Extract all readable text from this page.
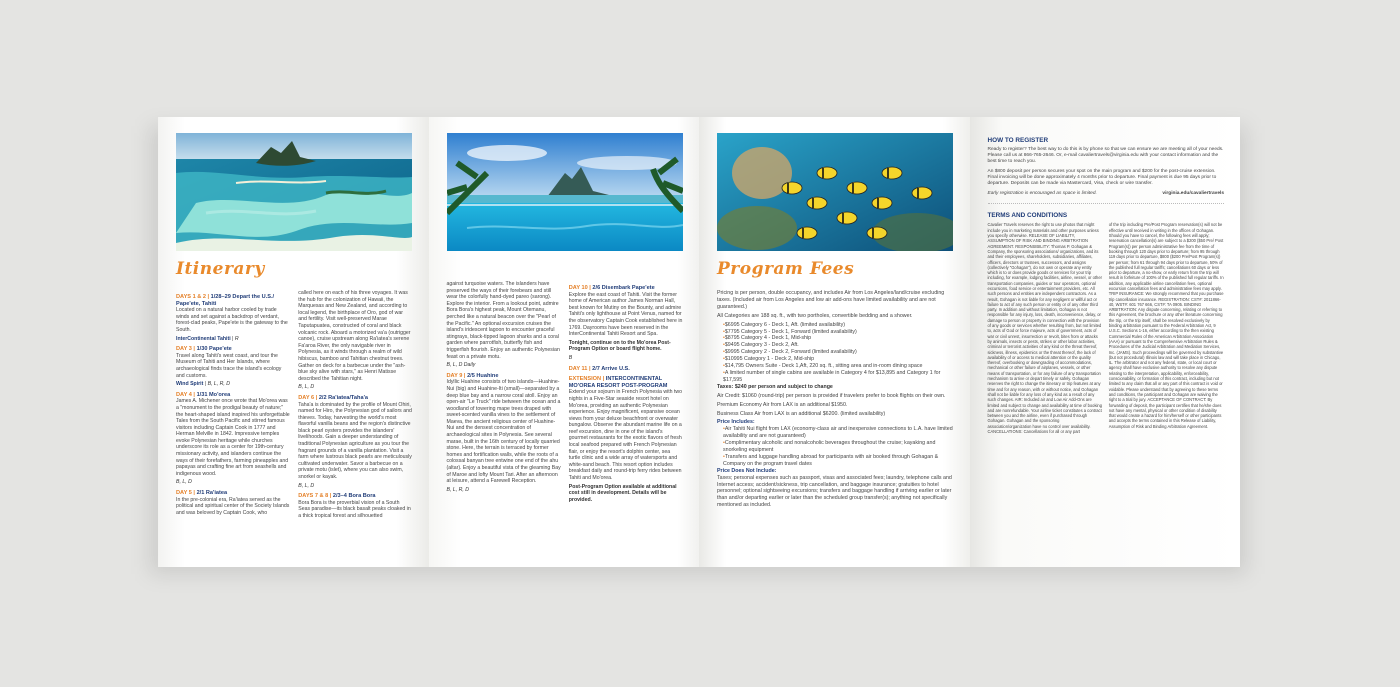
Itinerary
DAYS 1 & 2 | 1/28–29 Depart the U.S./ Pape'ete, Tahiti
Located on a natural harbor cooled by trade winds and set against a backdrop of verdant, forest-clad peaks, Pape'ete is the gateway to the South.
InterContinental Tahiti | R
DAY 3 | 1/30 Pape'ete
Travel along Tahiti's west coast, and tour the Museum of Tahiti and Her Islands, where archaeological finds trace the island's ecology and customs.
Wind Spirit | B, L, R, D
DAY 4 | 1/31 Mo'orea
James A. Michener once wrote that Mo'orea was a "monument to the prodigal beauty of nature;" the heart-shaped island inspired his unforgettable Tales from the South Pacific and stirred famous visitors including Captain Cook in 1777 and Herman Melville in 1842. Impressive temples evoke Polynesian heritage while churches underscore its role as a center for 19th-century missionary activity, and islanders continue the ways of their forefathers, farming pineapples and papayas and crafting fine art from seashells and indigenous wood.
B, L, D
DAY 5 | 2/1 Ra'iatea
In the pre-colonial era, Ra'iatea served as the political and spiritual center of the Society Islands and was beloved by Captain Cook, who
called here on each of his three voyages. It was the hub for the colonization of Hawaii, the Marquesas and New Zealand, and according to local legend, the birthplace of Oro, god of war and fertility. Visit well-preserved Marae Taputapuatea, constructed of coral and black volcanic rock. Aboard a motorized va'a (outrigger canoe), cruise upstream along Ra'iatea's serene Fa'aroa River, the only navigable river in Polynesia, as it winds through a realm of wild hibiscus, bamboo and Tahitian chestnut trees. Gather on deck for a barbecue under the "ash-blue sky alive with stars," as Henri Matisse described the Tahitian night.
B, L, D
DAY 6 | 2/2 Ra'iatea/Taha'a
Taha'a is dominated by the profile of Mount Ohiri, named for Hiro, the Polynesian god of sailors and thieves. Today, harvesting the world's most flavorful vanilla beans and the region's distinctive black pearl oysters provides the islanders' livelihoods. Gain a deeper understanding of traditional Polynesian agriculture as you tour the fragrant grounds of a vanilla plantation. Visit a farm where lustrous black pearls are meticulously cultivated underwater. Savor a barbecue on a private motu (islet), where you can also swim, snorkel or kayak.
B, L, D
DAYS 7 & 8 | 2/3–4 Bora Bora
Bora Bora is the proverbial vision of a South Seas paradise—its black basalt peaks cloaked in a thick tropical forest and silhouetted
against turquoise waters. The islanders have preserved the ways of their forebears and still wear the colorfully hand-dyed pareo (sarong). Explore the interior. From a lookout point, admire Bora Bora's highest peak, Mount Otemanu, perched like a natural beacon over the "Pearl of the Pacific." An optional excursion cruises the island's iridescent lagoon to encounter graceful stingrays, black-tipped lagoon sharks and a coral garden where parrotfish, butterfly fish and triggerfish flourish. Enjoy an authentic Polynesian feast on a private motu.
B, L, D Daily
DAY 9 | 2/5 Huahine
Idyllic Huahine consists of two islands—Huahine-Nui (big) and Huahine-Iti (small)—separated by a deep blue bay and a narrow coral atoll. Enjoy an open-air "Le Truck" ride between the ocean and a woodland of towering mape trees draped with sweet-scented vanilla vines to the settlement of Maeva, the ancient religious center of Huahine-Nui and the densest concentration of archaeological sites in Polynesia. See several marae, built in the 16th century of locally quarried stone. Here, the terrain is terraced by former homes and fortification walls, while the roots of a colossal banyan tree entwine one end of the ahu (altar). Enjoy a beautiful vista of the gleaming Bay of Maroe and lofty Mount Tari. After an afternoon at leisure, attend a Farewell Reception.
B, L, R, D
DAY 10 | 2/6 Disembark Pape'ete
Explore the east coast of Tahiti. Visit the former home of American author James Norman Hall, best known for Mutiny on the Bounty, and admire Tahiti's only lighthouse at Point Venus, named for the observatory Captain Cook established here in 1769. Dayrooms have been reserved in the InterContinental Tahiti Resort and Spa.
Tonight, continue on to the Mo'orea Post-Program Option or board flight home.
B
DAY 11 | 2/7 Arrive U.S.
EXTENSION | INTERCONTINENTAL MO'OREA RESORT POST-PROGRAM
Extend your sojourn in French Polynesia with two nights in a Five-Star seaside resort hotel on Mo'orea, providing an authentic Polynesian experience. Enjoy magnificent, expansive ocean views from your deluxe beachfront or overwater bungalow. Observe the abundant marine life on a reef excursion, dine in one of the island's gourmet restaurants for the exotic flavors of fresh local seafood prepared with French Polynesian flair, or enjoy the resort's dolphin center, sea turtle clinic and a wide array of watersports and white-sand beach. This resort option includes breakfast daily and round-trip ferry rides between Tahiti and Mo'orea.
Post-Program Option available at additional cost still in development. Details will be provided.
Program Fees
Pricing is per person, double occupancy, and includes Air from Los Angeles/land/cruise excluding taxes. (Included air from Los Angeles and low air add-ons have limited availability and are not guaranteed.)
All Categories are 188 sq. ft., with two portholes, convertible bedding and a shower.
• $6995 Category 6 - Deck 1, Aft. (limited availability)
• $7795 Category 5 - Deck 1, Forward (limited availability)
• $8795 Category 4 - Deck 1, Mid-ship
• $9495 Category 3 - Deck 2, Aft.
• $9995 Category 2 - Deck 2, Forward (limited availability)
• $10995 Category 1 - Deck 2, Mid-ship
• $14,795 Owners Suite - Deck 1,Aft, 220 sq. ft., sitting area and in-room dining space
• A limited number of single cabins are available in Category 4 for $13,895 and Category 1 for $17,595
Taxes: $240 per person and subject to change
Air Credit: $1060 (round-trip) per person is provided if travelers prefer to book flights on their own.
Premium Economy Air from LAX is an additional $1950.
Business Class Air from LAX is an additional $6200. (limited availability)
Price Includes:
• Air Tahiti Nui flight from LAX (economy-class air and inexpensive connections to L.A. have limited availability and are not guaranteed)
• Complimentary alcoholic and nonalcoholic beverages throughout the cruise; kayaking and snorkeling equipment
• Transfers and luggage handling abroad for participants with air booked through Gohagan & Company on the program travel dates
Price Does Not Include:
Taxes; personal expenses such as passport, visas and associated fees; laundry, telephone calls and Internet access; accident/sickness, trip cancellation, and baggage insurance; gratuities to hotel personnel; optional sightseeing excursions; transfers and baggage handling if arriving earlier or later than and/or departing earlier or later than the scheduled group transfer(s); anything not specifically mentioned as included.
HOW TO REGISTER
Ready to register? The best way to do this is by phone so that we can ensure we are meeting all of your needs. Please call us at 866-765-2646. Or, e-mail cavaliertravels@virginia.edu with your contact information and the best time to reach you.
An $800 deposit per person secures your spot on the main program and $200 for the post-cruise extension. Final invoicing will be done approximately 4 months prior to departure. Final payment is due 95 days prior to departure. Deposits can be made via Mastercard, Visa, check or wire transfer.
Early registration is encouraged as space is limited.	virginia.edu/cavaliertravels
TERMS AND CONDITIONS
Cavalier Travels reserves the right to use photos that might include you in marketing materials and other purposes unless you specify otherwise. RELEASE OF LIABILITY, ASSUMPTION OF RISK AND BINDING ARBITRATION AGREEMENT. RESPONSIBILITY: Thomas P. Gohagan & Company, the sponsoring associations/ organizations, and its and their employees, shareholders, subsidiaries, affiliates, officers, directors or trustees, successors, and assigns (collectively "Gohagan"), do not own or operate any entity which is to or does provide goods or services for your trip including, for example, lodging facilities, airline, vessel, or other transportation companies, guides or tour operators, optional excursions, food service or entertainment providers, etc. All such persons and entities are independent contractors. As a result, Gohagan is not liable for any negligent or willful act or failure to act of any such person or entity or of any other third party. In addition and without limitation, Gohagan is not responsible for any injury, loss, death, inconvenience, delay, or damage to person or property in connection with the provision of any goods or services whether resulting from, but not limited to, acts of God or force majeure, acts of government, acts of war or civil unrest, insurrection or revolt, bites from or attacks by animals, insects or pests, strikes or other labor activities, criminal or terrorist activities of any kind or the threat thereof, sickness, illness, epidemics or the threat thereof, the lack of availability of or access to medical attention or the quality thereof, overbooking or downgrading of accommodations, mechanical or other failure of airplanes, vessels, or other means of transportation, or for any failure of any transportation mechanism to arrive or depart timely or safely. Gohagan reserves the right to change the itinerary or trip features at any time and for any reason, with or without notice, and Gohagan shall not be liable for any loss of any kind as a result of any such changes. AIR: Included air and Low Air Add-Ons are limited and subject to change and availability at time of booking and are nonrefundable. Your airline ticket constitutes a contract between you and the airline, even if purchased through Gohagan. Gohagan and the sponsoring association/organization have no control over availability. CANCELLATIONS: Cancellations for all or any part
of the trip including Pre/Post Program reservation(s) will not be effective until received in writing in the offices of Gohagan. Should you have to cancel, the following fees will apply; reservation cancellation(s) are subject to a $200 ($50 Pre/ Post Program(s)) per person administrative fee from the time of booking through 120 days prior to departure; from 95 through 119 days prior to departure, $800 ($200 Pre/Post Program(s)) per person; from 61 through 94 days prior to departure, 50% of the published full regular tariffs; cancellations 60 days or less prior to departure, a no-show, or early return from the trip will result in forfeiture of 100% of the published full regular tariffs. In addition, any applicable airline cancellation fees, optional excursion cancellation fees and administrative fees may apply. TRIP INSURANCE: We strongly recommend that you purchase trip cancellation insurance. REGISTRATION: CST#: 2011866-40, WST#: 601 767 666, CST#: TA 0905. BINDING ARBITRATION: Any dispute concerning, relating or referring to this Agreement, the brochure or any other literature concerning the trip, or the trip itself, shall be resolved exclusively by binding arbitration pursuant to the Federal Arbitration Act, 9 U.S.C. Sections 1-16, either according to the then existing Commercial Rules of the American Arbitration Association (AAA) or pursuant to the Comprehensive Arbitration Rules & Procedures of the Judicial Arbitration and Mediation Services, Inc. (JAMS). Such proceedings will be governed by substantive (but not procedural) Illinois law and will take place in Chicago, IL. The arbitrator and not any federal, state, or local court or agency shall have exclusive authority to resolve any dispute relating to the interpretation, applicability, enforceability, conscionability, or formation of this contract, including but not limited to any claim that all or any part of this contract is void or voidable. Please understand that by agreeing to these terms and conditions, the participant and Gohagan are waiving the right to a trial by jury. ACCEPTANCE OF CONTRACT: By forwarding of deposit, the participant certifies that he/she does not have any mental, physical or other condition of disability that would create a hazard for him/herself or other participants and accepts the terms contained in this Release of Liability, Assumption of Risk and Binding Arbitration Agreement.
